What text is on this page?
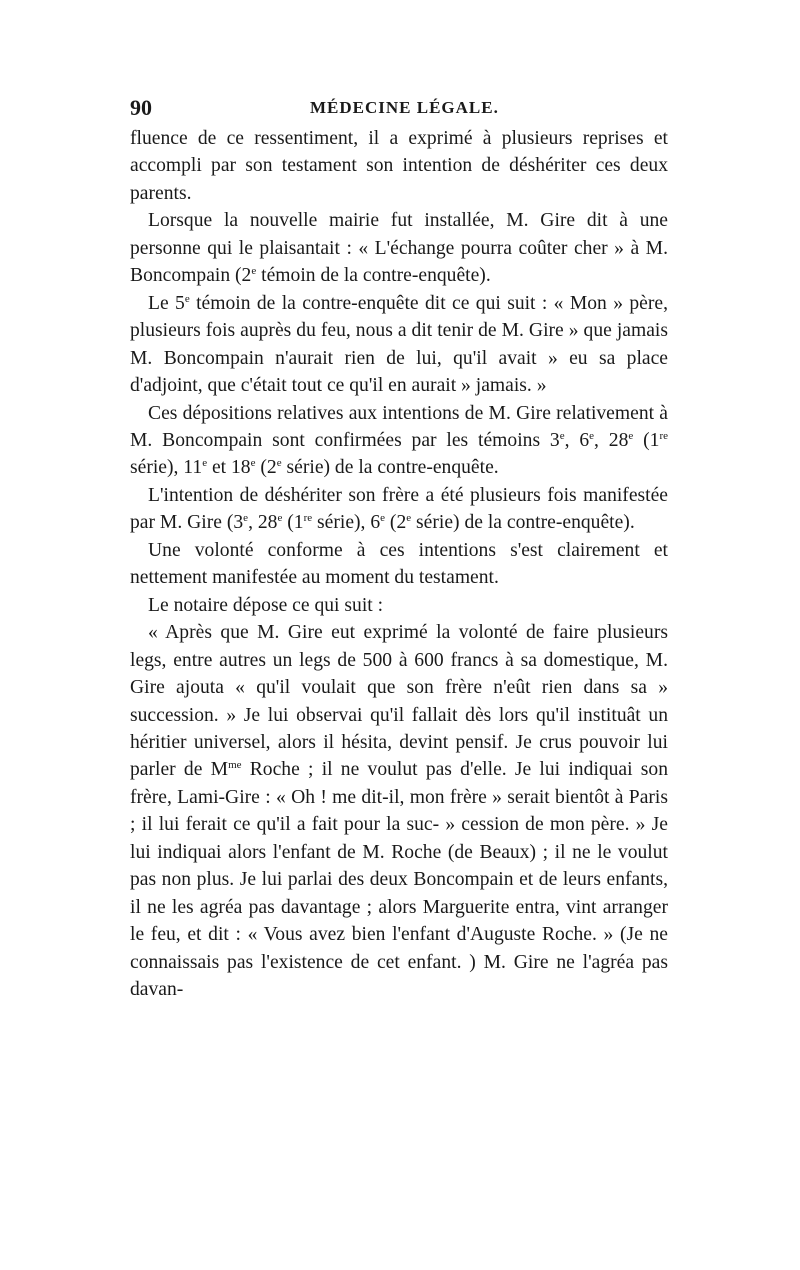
90	MÉDECINE LÉGALE.

fluence de ce ressentiment, il a exprimé à plusieurs reprises et accompli par son testament son intention de déshériter ces deux parents.

Lorsque la nouvelle mairie fut installée, M. Gire dit à une personne qui le plaisantait : « L'échange pourra coûter cher » à M. Boncompain (2e témoin de la contre-enquête).

Le 5e témoin de la contre-enquête dit ce qui suit : « Mon » père, plusieurs fois auprès du feu, nous a dit tenir de M. Gire » que jamais M. Boncompain n'aurait rien de lui, qu'il avait » eu sa place d'adjoint, que c'était tout ce qu'il en aurait » jamais. »

Ces dépositions relatives aux intentions de M. Gire relativement à M. Boncompain sont confirmées par les témoins 3e, 6e, 28e (1re série), 11e et 18e (2e série) de la contre-enquête.

L'intention de déshériter son frère a été plusieurs fois manifestée par M. Gire (3e, 28e (1re série), 6e (2e série) de la contre-enquête).

Une volonté conforme à ces intentions s'est clairement et nettement manifestée au moment du testament.

Le notaire dépose ce qui suit :

« Après que M. Gire eut exprimé la volonté de faire plusieurs legs, entre autres un legs de 500 à 600 francs à sa domestique, M. Gire ajouta « qu'il voulait que son frère n'eût rien dans sa » succession. » Je lui observai qu'il fallait dès lors qu'il instituât un héritier universel, alors il hésita, devint pensif. Je crus pouvoir lui parler de $M^{me}$ Roche ; il ne voulut pas d'elle. Je lui indiquai son frère, Lami-Gire : « Oh ! me dit-il, mon frère » serait bientôt à Paris ; il lui ferait ce qu'il a fait pour la suc- » cession de mon père. » Je lui indiquai alors l'enfant de M. Roche (de Beaux) ; il ne le voulut pas non plus. Je lui parlai des deux Boncompain et de leurs enfants, il ne les agréa pas davantage ; alors Marguerite entra, vint arranger le feu, et dit : « Vous avez bien l'enfant d'Auguste Roche. » (Je ne connaissais pas l'existence de cet enfant. ) M. Gire ne l'agréa pas davan-
